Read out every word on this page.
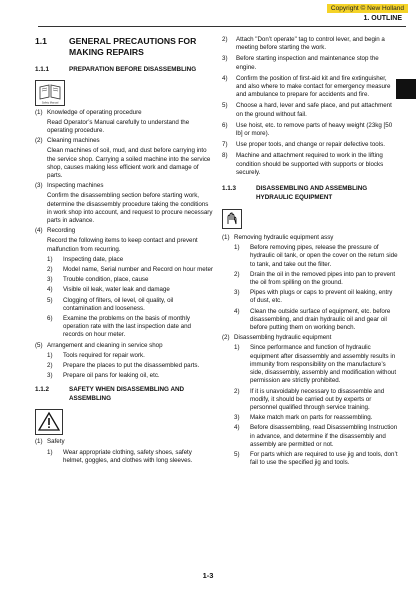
Copyright © New Holland
1. OUTLINE
1.1	GENERAL PRECAUTIONS FOR MAKING REPAIRS
1.1.1	PREPARATION BEFORE DISASSEMBLING
Safety Manual
(1) Knowledge of operating procedure
Read Operator’s Manual carefully to understand the operating procedure.
(2) Cleaning machines
Clean machines of soil, mud, and dust before carrying into the service shop. Carrying a soiled machine into the service shop, causes making less efficient work and damage of parts.
(3) Inspecting machines
Confirm the disassembling section before starting work, determine the disassembly procedure taking the conditions in work shop into account, and request to procure necessary parts in advance.
(4) Recording
Record the following items to keep contact and prevent malfunction from recurring.
1) Inspecting date, place
2) Model name, Serial number and Record on hour meter
3) Trouble condition, place, cause
4) Visible oil leak, water leak and damage
5) Clogging of filters, oil level, oil quality, oil contamination and looseness.
6) Examine the problems on the basis of monthly operation rate with the last inspection date and records on hour meter.
(5) Arrangement and cleaning in service shop
1) Tools required for repair work.
2) Prepare the places to put the disassembled parts.
3) Prepare oil pans for leaking oil, etc.
1.1.2	SAFETY WHEN DISASSEMBLING AND ASSEMBLING
(1) Safety
1) Wear appropriate clothing, safety shoes, safety helmet, goggles, and clothes with long sleeves.
2) Attach "Don’t operate" tag to control lever, and begin a meeting before starting the work.
3) Before starting inspection and maintenance stop the engine.
4) Confirm the position of first-aid kit and fire extinguisher, and also where to make contact for emergency measure and ambulance to prepare for accidents and fire.
5) Choose a hard, lever and safe place, and put attachment on the ground without fail.
6) Use hoist, etc. to remove parts of heavy weight (23kg [50 lb] or more).
7) Use proper tools, and change or repair defective tools.
8) Machine and attachment required to work in the lifting condition should be supported with supports or blocks securely.
1.1.3	DISASSEMBLING AND ASSEMBLING HYDRAULIC EQUIPMENT
(1) Removing hydraulic equipment assy
1) Before removing pipes, release the pressure of hydraulic oil tank, or open the cover on the return side to tank, and take out the filter.
2) Drain the oil in the removed pipes into pan to prevent the oil from spilling on the ground.
3) Pipes with plugs or caps to prevent oil leaking, entry of dust, etc.
4) Clean the outside surface of equipment, etc. before disassembling, and drain hydraulic oil and gear oil before putting them on working bench.
(2) Disassembling hydraulic equipment
1) Since performance and function of hydraulic equipment after disassembly and assembly results in immunity from responsibility on the manufacture’s side, disassembly, assembly and modification without permission are strictly prohibited.
2) If it is unavoidably necessary to disassemble and modify, it should be carried out by experts or personnel qualified through service training.
3) Make match mark on parts for reassembling.
4) Before disassembling, read Disassembling Instruction in advance, and determine if the disassembly and assembly are permitted or not.
5) For parts which are required to use jig and tools, don’t fail to use the specified jig and tools.
1-3
